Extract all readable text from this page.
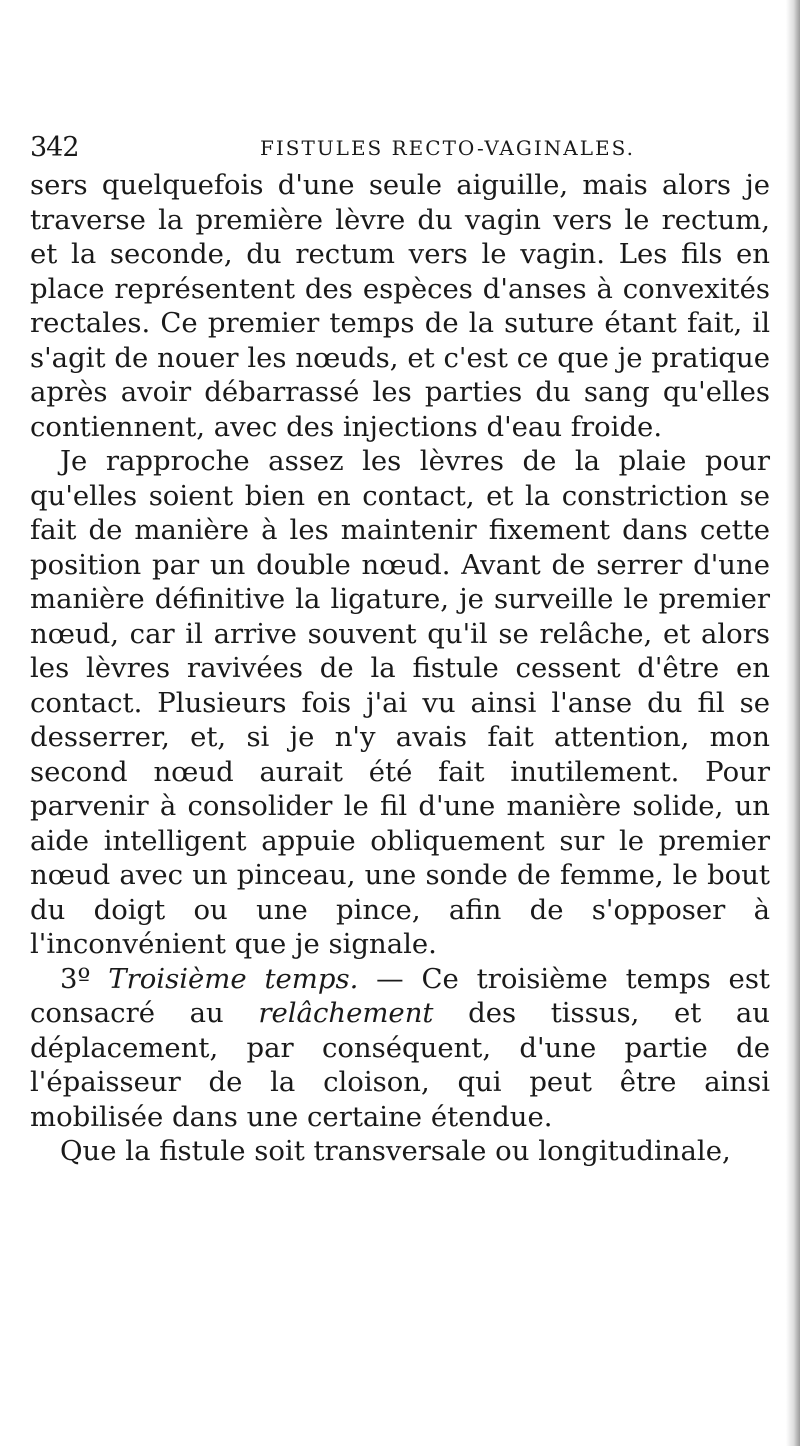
342	FISTULES RECTO-VAGINALES.

sers quelquefois d'une seule aiguille, mais alors je traverse la première lèvre du vagin vers le rectum, et la seconde, du rectum vers le vagin. Les fils en place représentent des espèces d'anses à convexités rectales. Ce premier temps de la suture étant fait, il s'agit de nouer les nœuds, et c'est ce que je pratique après avoir débarrassé les parties du sang qu'elles contiennent, avec des injections d'eau froide.

Je rapproche assez les lèvres de la plaie pour qu'elles soient bien en contact, et la constriction se fait de manière à les maintenir fixement dans cette position par un double nœud. Avant de serrer d'une manière définitive la ligature, je surveille le premier nœud, car il arrive souvent qu'il se relâche, et alors les lèvres ravivées de la fistule cessent d'être en contact. Plusieurs fois j'ai vu ainsi l'anse du fil se desserrer, et, si je n'y avais fait attention, mon second nœud aurait été fait inutilement. Pour parvenir à consolider le fil d'une manière solide, un aide intelligent appuie obliquement sur le premier nœud avec un pinceau, une sonde de femme, le bout du doigt ou une pince, afin de s'opposer à l'inconvénient que je signale.

3º Troisième temps. — Ce troisième temps est consacré au relâchement des tissus, et au déplacement, par conséquent, d'une partie de l'épaisseur de la cloison, qui peut être ainsi mobilisée dans une certaine étendue.

Que la fistule soit transversale ou longitudinale,
